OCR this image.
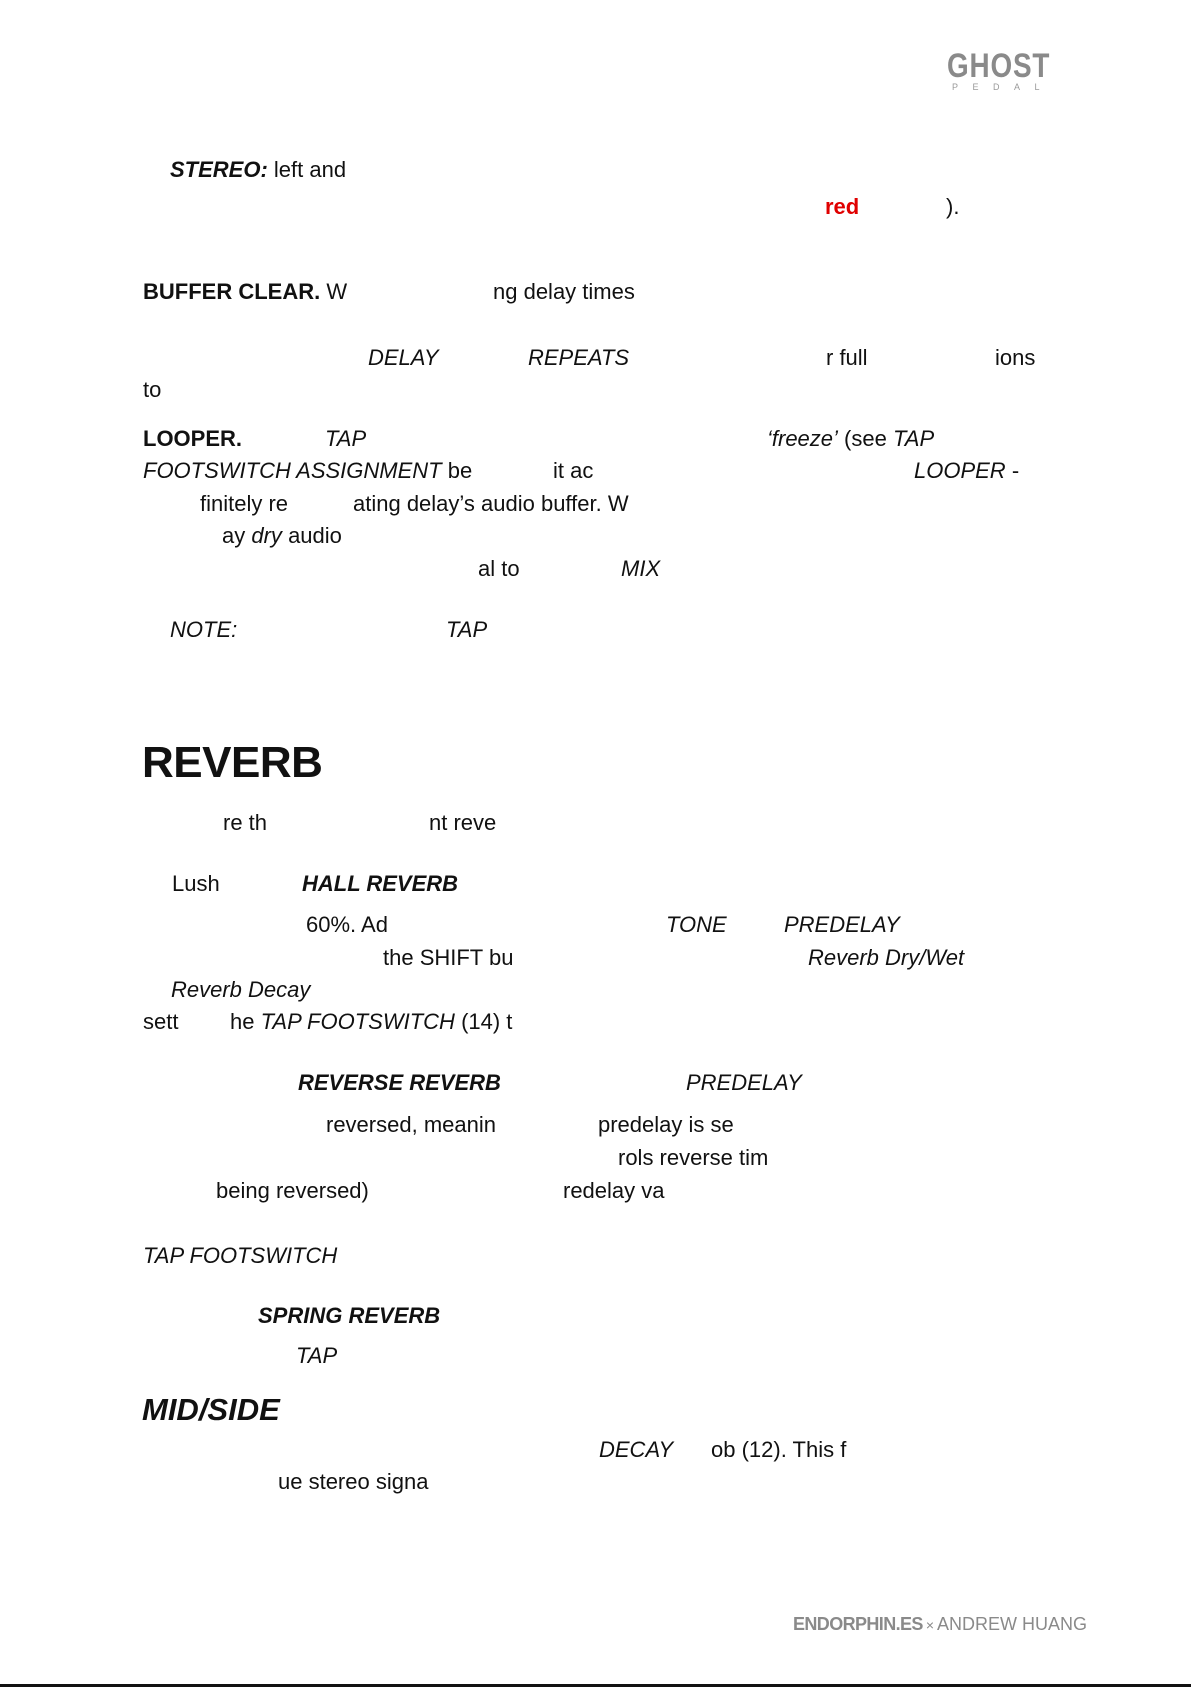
GHOST
PEDAL
STEREO: left and
red	).
BUFFER CLEAR. W	ng delay times
DELAY	REPEATS	r full	ions
to
LOOPER.	TAP	‘freeze’ (see TAP
FOOTSWITCH ASSIGNMENT be	it ac	LOOPER -
finitely re	ating delay’s audio buffer. W
ay dry audio
al to	MIX
NOTE:	TAP
REVERB
re th	nt reve
Lush	HALL REVERB
60%. Ad	TONE	PREDELAY
the SHIFT bu	Reverb Dry/Wet
Reverb Decay
sett he TAP FOOTSWITCH (14) t
REVERSE REVERB	PREDELAY
reversed, meanin	predelay is se
rols reverse tim
being reversed)	redelay va
TAP FOOTSWITCH
SPRING REVERB
TAP
MID/SIDE
DECAY ob (12). This f
ue stereo signa
ENDORPHIN.ES × ANDREW HUANG
